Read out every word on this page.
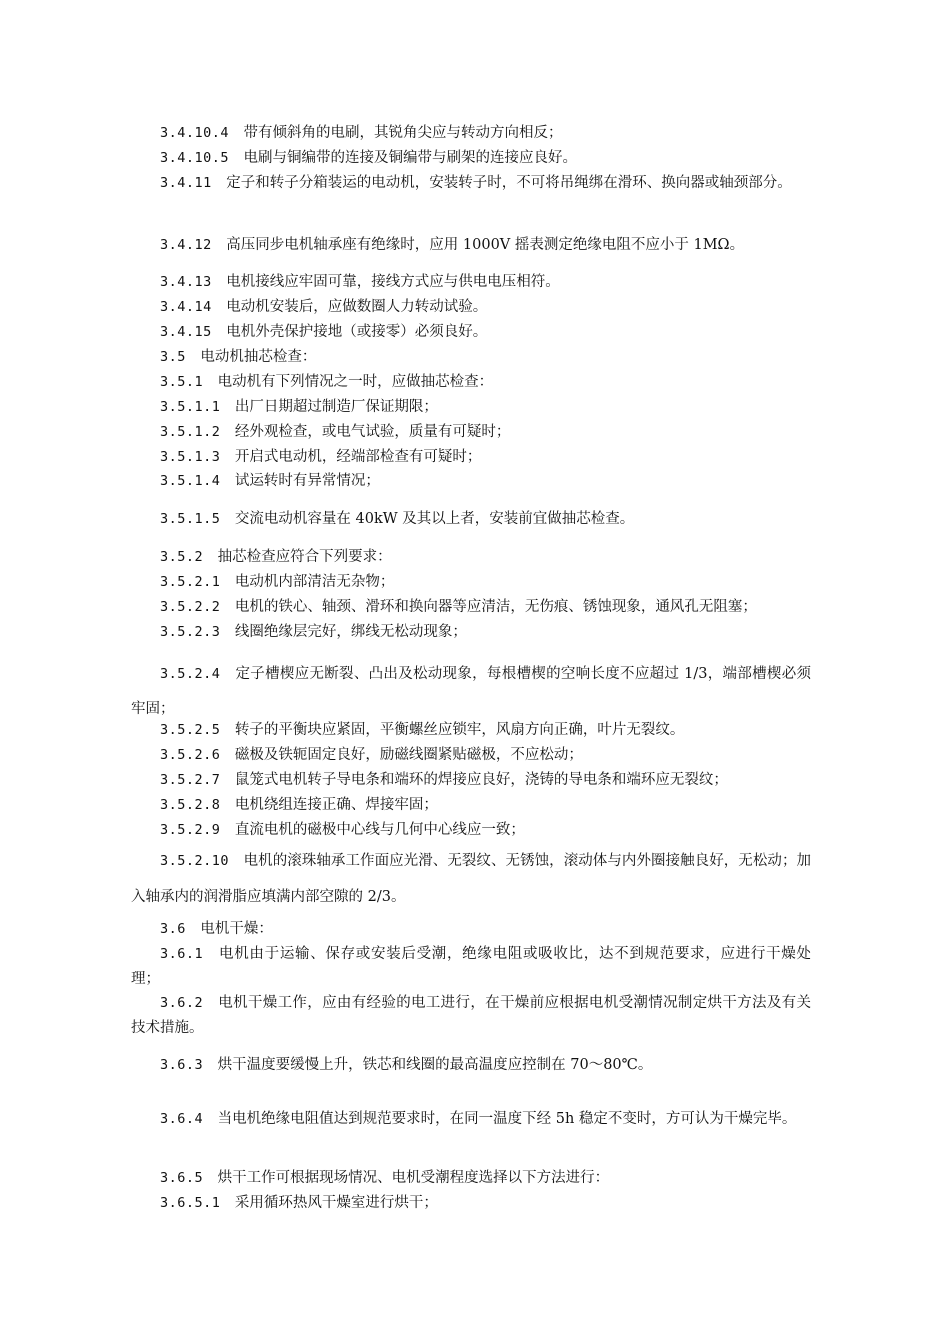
3.4.10.4　带有倾斜角的电刷，其锐角尖应与转动方向相反；

3.4.10.5　电刷与铜编带的连接及铜编带与刷架的连接应良好。

3.4.11　定子和转子分箱装运的电动机，安装转子时，不可将吊绳绑在滑环、换向器或轴颈部分。

3.4.12　高压同步电机轴承座有绝缘时，应用 1000V 摇表测定绝缘电阻不应小于 1MΩ。

3.4.13　电机接线应牢固可靠，接线方式应与供电电压相符。

3.4.14　电动机安装后，应做数圈人力转动试验。

3.4.15　电机外壳保护接地（或接零）必须良好。

3.5　电动机抽芯检查：

3.5.1　电动机有下列情况之一时，应做抽芯检查：

3.5.1.1　出厂日期超过制造厂保证期限；

3.5.1.2　经外观检查，或电气试验，质量有可疑时；

3.5.1.3　开启式电动机，经端部检查有可疑时；

3.5.1.4　试运转时有异常情况；

3.5.1.5　交流电动机容量在 40kW 及其以上者，安装前宜做抽芯检查。

3.5.2　抽芯检查应符合下列要求：

3.5.2.1　电动机内部清洁无杂物；

3.5.2.2　电机的铁心、轴颈、滑环和换向器等应清洁，无伤痕、锈蚀现象，通风孔无阻塞；

3.5.2.3　线圈绝缘层完好，绑线无松动现象；

3.5.2.4　定子槽楔应无断裂、凸出及松动现象，每根槽楔的空响长度不应超过 1/3，端部槽楔必须牢固；

3.5.2.5　转子的平衡块应紧固，平衡螺丝应锁牢，风扇方向正确，叶片无裂纹。

3.5.2.6　磁极及铁轭固定良好，励磁线圈紧贴磁极，不应松动；

3.5.2.7　鼠笼式电机转子导电条和端环的焊接应良好，浇铸的导电条和端环应无裂纹；

3.5.2.8　电机绕组连接正确、焊接牢固；

3.5.2.9　直流电机的磁极中心线与几何中心线应一致；

3.5.2.10　电机的滚珠轴承工作面应光滑、无裂纹、无锈蚀，滚动体与内外圈接触良好，无松动；加入轴承内的润滑脂应填满内部空隙的 2/3。

3.6　电机干燥：

3.6.1　电机由于运输、保存或安装后受潮，绝缘电阻或吸收比，达不到规范要求，应进行干燥处理；

3.6.2　电机干燥工作，应由有经验的电工进行，在干燥前应根据电机受潮情况制定烘干方法及有关技术措施。

3.6.3　烘干温度要缓慢上升，铁芯和线圈的最高温度应控制在 70～80℃。

3.6.4　当电机绝缘电阻值达到规范要求时，在同一温度下经 5h 稳定不变时，方可认为干燥完毕。

3.6.5　烘干工作可根据现场情况、电机受潮程度选择以下方法进行：

3.6.5.1　采用循环热风干燥室进行烘干；
